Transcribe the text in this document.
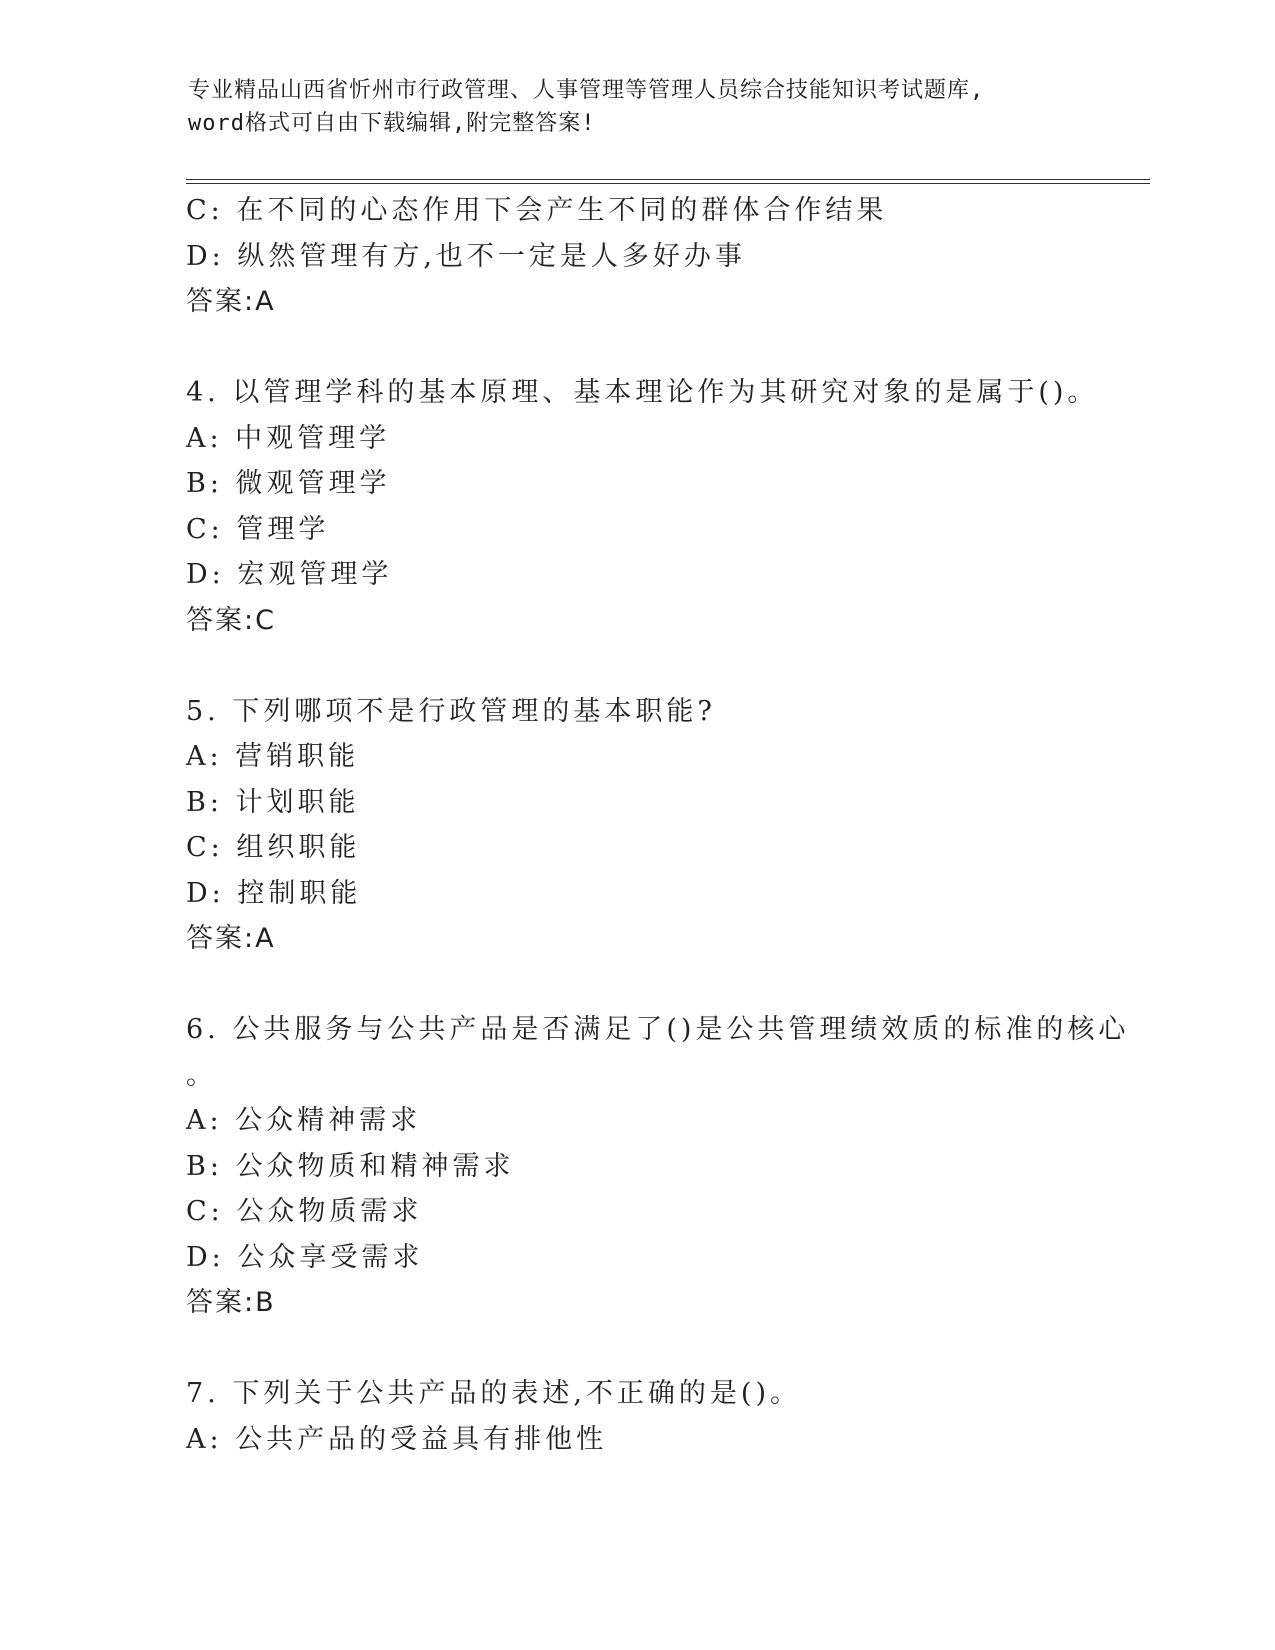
专业精品山西省忻州市行政管理、人事管理等管理人员综合技能知识考试题库,
word格式可自由下载编辑,附完整答案!
C: 在不同的心态作用下会产生不同的群体合作结果
D: 纵然管理有方,也不一定是人多好办事
答案:A
4. 以管理学科的基本原理、基本理论作为其研究对象的是属于()。
A: 中观管理学
B: 微观管理学
C: 管理学
D: 宏观管理学
答案:C
5. 下列哪项不是行政管理的基本职能?
A: 营销职能
B: 计划职能
C: 组织职能
D: 控制职能
答案:A
6. 公共服务与公共产品是否满足了()是公共管理绩效质的标准的核心
。
A: 公众精神需求
B: 公众物质和精神需求
C: 公众物质需求
D: 公众享受需求
答案:B
7. 下列关于公共产品的表述,不正确的是()。
A: 公共产品的受益具有排他性
